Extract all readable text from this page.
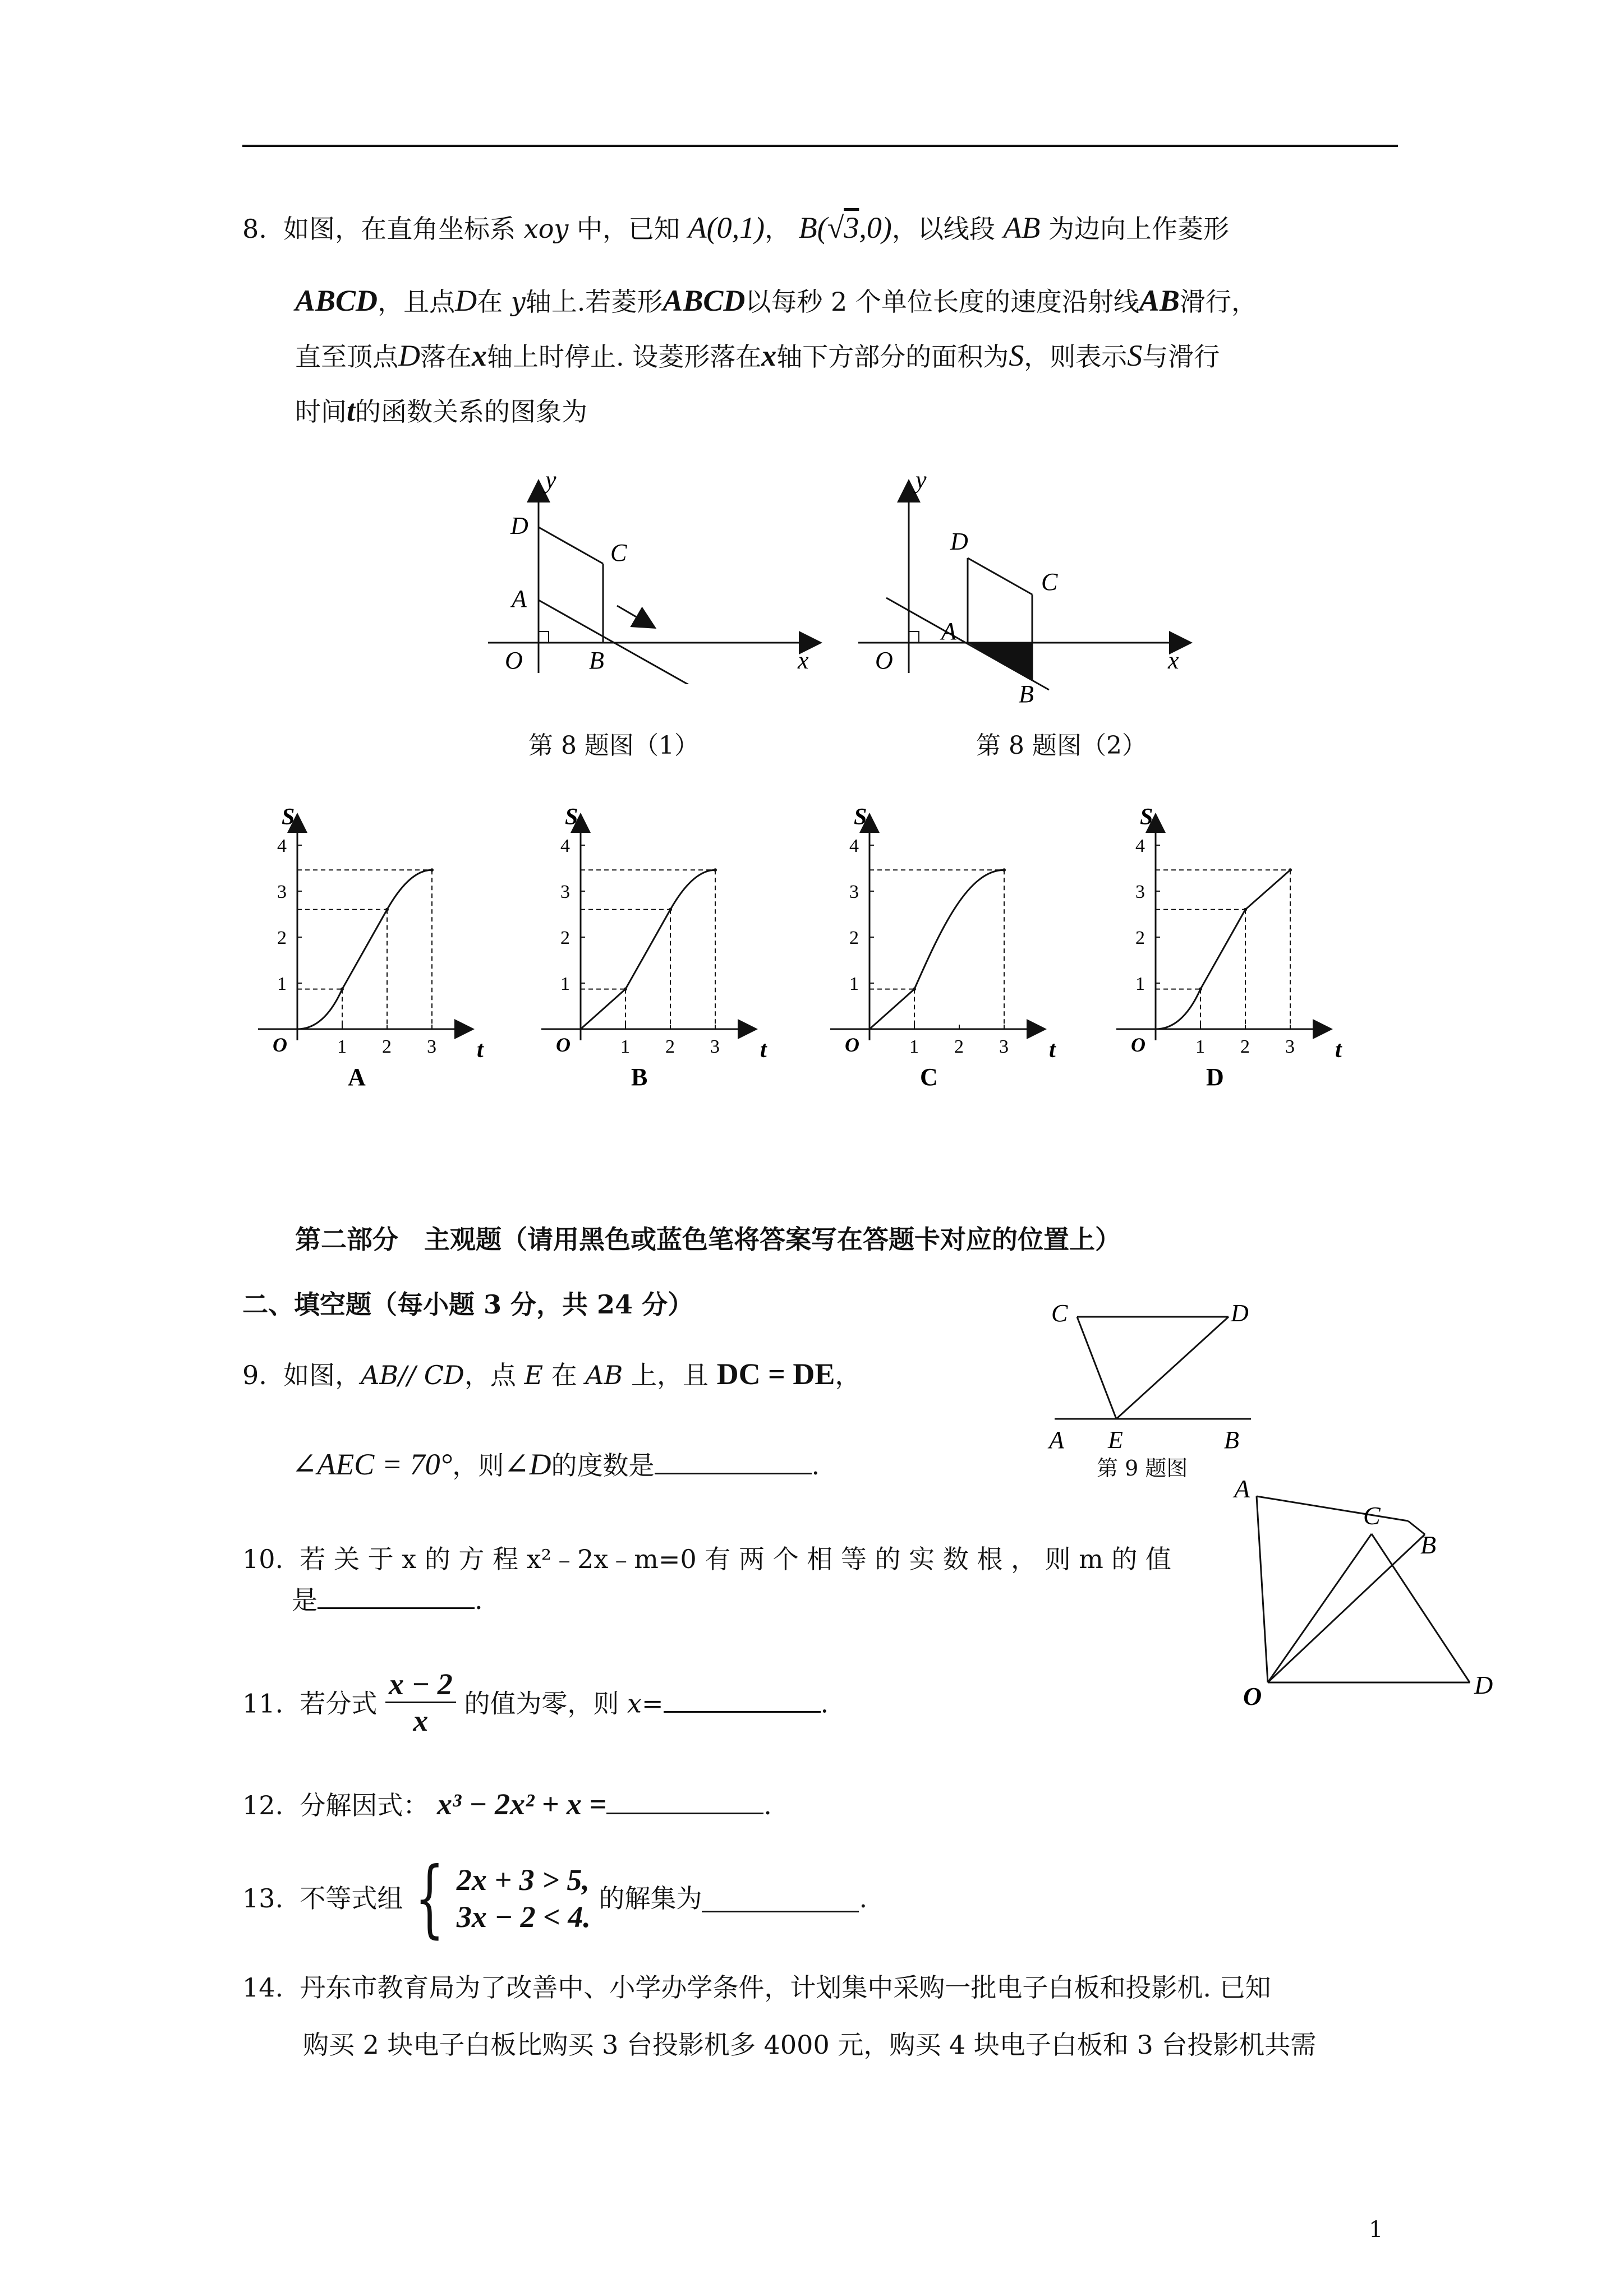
8. 如图，在直角坐标系 xoy 中，已知 A(0,1)， B(√3,0)，以线段 AB 为边向上作菱形
ABCD，且点D在 y轴上.若菱形ABCD以每秒 2 个单位长度的速度沿射线AB滑行，
直至顶点D落在x轴上时停止. 设菱形落在x轴下方部分的面积为S，则表示S与滑行
时间t的函数关系的图象为
D
C
A
O	B	x
y
第 8 题图（1）
D
C
A
O
B
x
y
第 8 题图（2）
S
O	t
1 2 3
1
2
3
4
A
S
O	t
1 2 3
1
2
3
4
B
S
O	t
1 2 3
1
2
3
4
C
S
O	t
1 2 3
1
2
3
4
D
第二部分　主观题（请用黑色或蓝色笔将答案写在答题卡对应的位置上）
二、填空题（每小题 3 分，共 24 分）
9. 如图，AB// CD，点 E 在 AB 上，且 DC = DE，
∠AEC = 70°，则∠D的度数是	.
C	D
A E	B
第 9 题图
A
C
B
O	D
10. 若 关 于 x 的 方 程 x²﹣2x﹣m=0 有 两 个 相 等 的 实 数 根 ， 则 m 的 值
是	.
11. 若分式 $\frac{x - 2}{x}$ 的值为零，则 x=	.
12. 分解因式： x³ − 2x² + x =	.
13. 不等式组 { 2x + 3 > 5,
3x − 2 < 4.
的解集为	.
14. 丹东市教育局为了改善中、小学办学条件，计划集中采购一批电子白板和投影机. 已知
购买 2 块电子白板比购买 3 台投影机多 4000 元，购买 4 块电子白板和 3 台投影机共需
1
